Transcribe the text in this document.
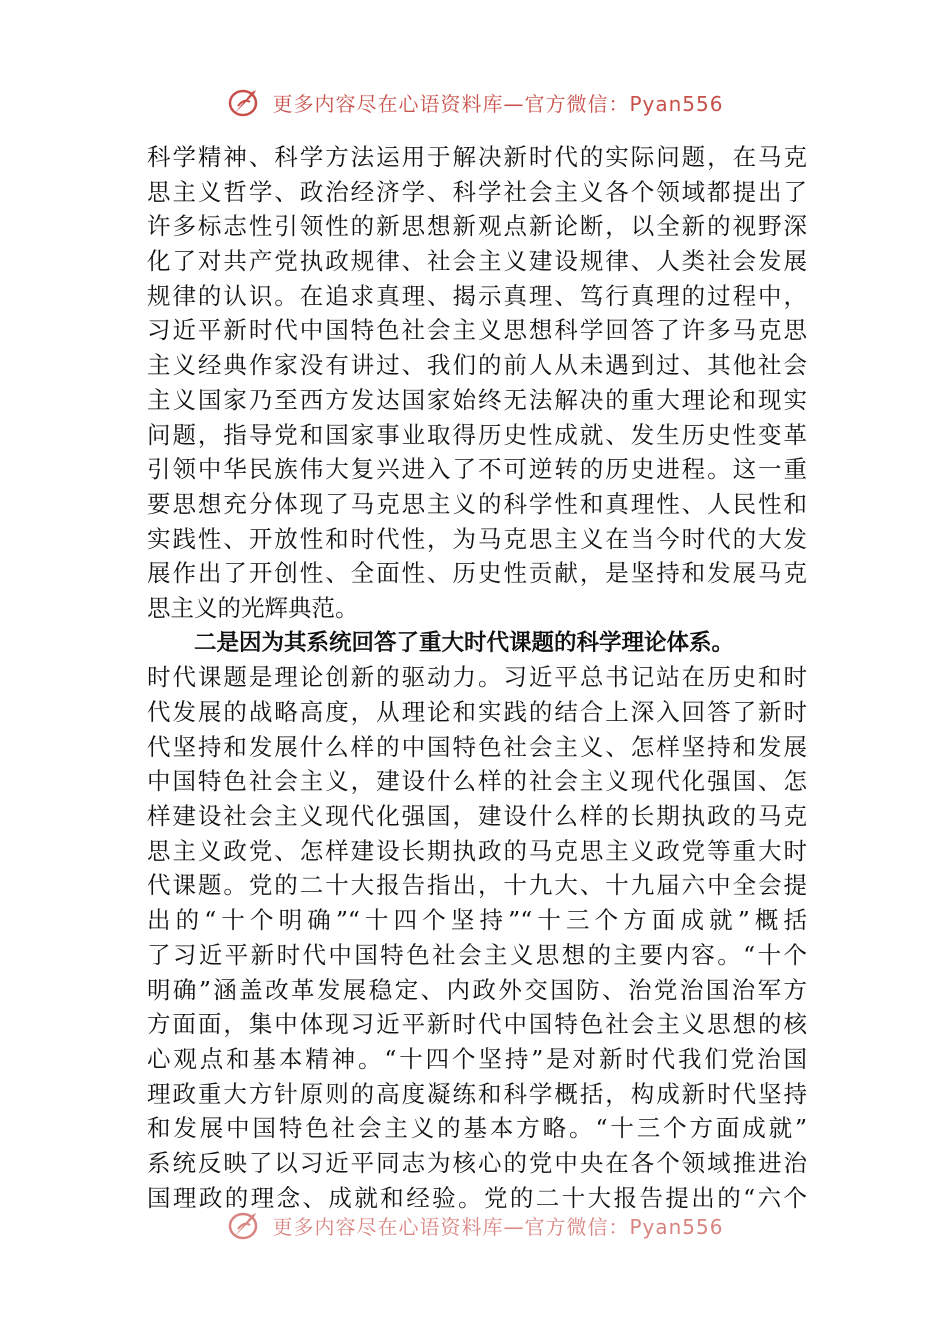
更多内容尽在心语资料库—官方微信：Pyan556
科学精神、科学方法运用于解决新时代的实际问题，在马克
思主义哲学、政治经济学、科学社会主义各个领域都提出了
许多标志性引领性的新思想新观点新论断，以全新的视野深
化了对共产党执政规律、社会主义建设规律、人类社会发展
规律的认识。在追求真理、揭示真理、笃行真理的过程中，
习近平新时代中国特色社会主义思想科学回答了许多马克思
主义经典作家没有讲过、我们的前人从未遇到过、其他社会
主义国家乃至西方发达国家始终无法解决的重大理论和现实
问题，指导党和国家事业取得历史性成就、发生历史性变革
引领中华民族伟大复兴进入了不可逆转的历史进程。这一重
要思想充分体现了马克思主义的科学性和真理性、人民性和
实践性、开放性和时代性，为马克思主义在当今时代的大发
展作出了开创性、全面性、历史性贡献，是坚持和发展马克
思主义的光辉典范。
二是因为其系统回答了重大时代课题的科学理论体系。
时代课题是理论创新的驱动力。习近平总书记站在历史和时
代发展的战略高度，从理论和实践的结合上深入回答了新时
代坚持和发展什么样的中国特色社会主义、怎样坚持和发展
中国特色社会主义，建设什么样的社会主义现代化强国、怎
样建设社会主义现代化强国，建设什么样的长期执政的马克
思主义政党、怎样建设长期执政的马克思主义政党等重大时
代课题。党的二十大报告指出，十九大、十九届六中全会提
出的“十个明确”“十四个坚持”“十三个方面成就”概括
了习近平新时代中国特色社会主义思想的主要内容。“十个
明确”涵盖改革发展稳定、内政外交国防、治党治国治军方
方面面，集中体现习近平新时代中国特色社会主义思想的核
心观点和基本精神。“十四个坚持”是对新时代我们党治国
理政重大方针原则的高度凝练和科学概括，构成新时代坚持
和发展中国特色社会主义的基本方略。“十三个方面成就”
系统反映了以习近平同志为核心的党中央在各个领域推进治
国理政的理念、成就和经验。党的二十大报告提出的“六个
更多内容尽在心语资料库—官方微信：Pyan556
